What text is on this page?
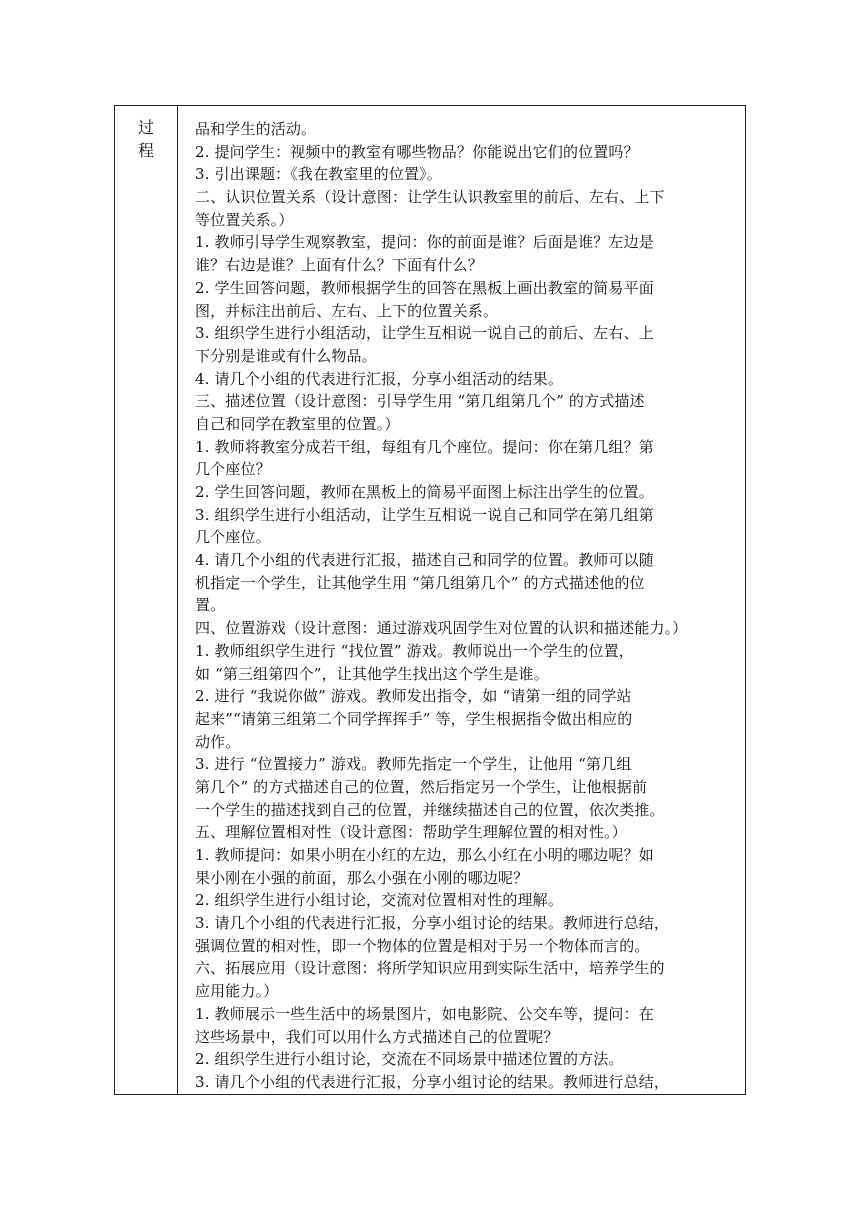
过程
品和学生的活动。
2. 提问学生：视频中的教室有哪些物品？你能说出它们的位置吗？
3. 引出课题：《我在教室里的位置》。
二、认识位置关系（设计意图：让学生认识教室里的前后、左右、上下
等位置关系。）
1. 教师引导学生观察教室，提问：你的前面是谁？后面是谁？左边是
谁？右边是谁？上面有什么？下面有什么？
2. 学生回答问题，教师根据学生的回答在黑板上画出教室的简易平面
图，并标注出前后、左右、上下的位置关系。
3. 组织学生进行小组活动，让学生互相说一说自己的前后、左右、上
下分别是谁或有什么物品。
4. 请几个小组的代表进行汇报，分享小组活动的结果。
三、描述位置（设计意图：引导学生用 “第几组第几个” 的方式描述
自己和同学在教室里的位置。）
1. 教师将教室分成若干组，每组有几个座位。提问：你在第几组？第
几个座位？
2. 学生回答问题，教师在黑板上的简易平面图上标注出学生的位置。
3. 组织学生进行小组活动，让学生互相说一说自己和同学在第几组第
几个座位。
4. 请几个小组的代表进行汇报，描述自己和同学的位置。教师可以随
机指定一个学生，让其他学生用 “第几组第几个” 的方式描述他的位
置。
四、位置游戏（设计意图：通过游戏巩固学生对位置的认识和描述能力。）
1. 教师组织学生进行 “找位置” 游戏。教师说出一个学生的位置，
如 “第三组第四个”，让其他学生找出这个学生是谁。
2. 进行 “我说你做” 游戏。教师发出指令，如 “请第一组的同学站
起来”“请第三组第二个同学挥挥手” 等，学生根据指令做出相应的
动作。
3. 进行 “位置接力” 游戏。教师先指定一个学生，让他用 “第几组
第几个” 的方式描述自己的位置，然后指定另一个学生，让他根据前
一个学生的描述找到自己的位置，并继续描述自己的位置，依次类推。
五、理解位置相对性（设计意图：帮助学生理解位置的相对性。）
1. 教师提问：如果小明在小红的左边，那么小红在小明的哪边呢？如
果小刚在小强的前面，那么小强在小刚的哪边呢？
2. 组织学生进行小组讨论，交流对位置相对性的理解。
3. 请几个小组的代表进行汇报，分享小组讨论的结果。教师进行总结，
强调位置的相对性，即一个物体的位置是相对于另一个物体而言的。
六、拓展应用（设计意图：将所学知识应用到实际生活中，培养学生的
应用能力。）
1. 教师展示一些生活中的场景图片，如电影院、公交车等，提问：在
这些场景中，我们可以用什么方式描述自己的位置呢？
2. 组织学生进行小组讨论，交流在不同场景中描述位置的方法。
3. 请几个小组的代表进行汇报，分享小组讨论的结果。教师进行总结，
